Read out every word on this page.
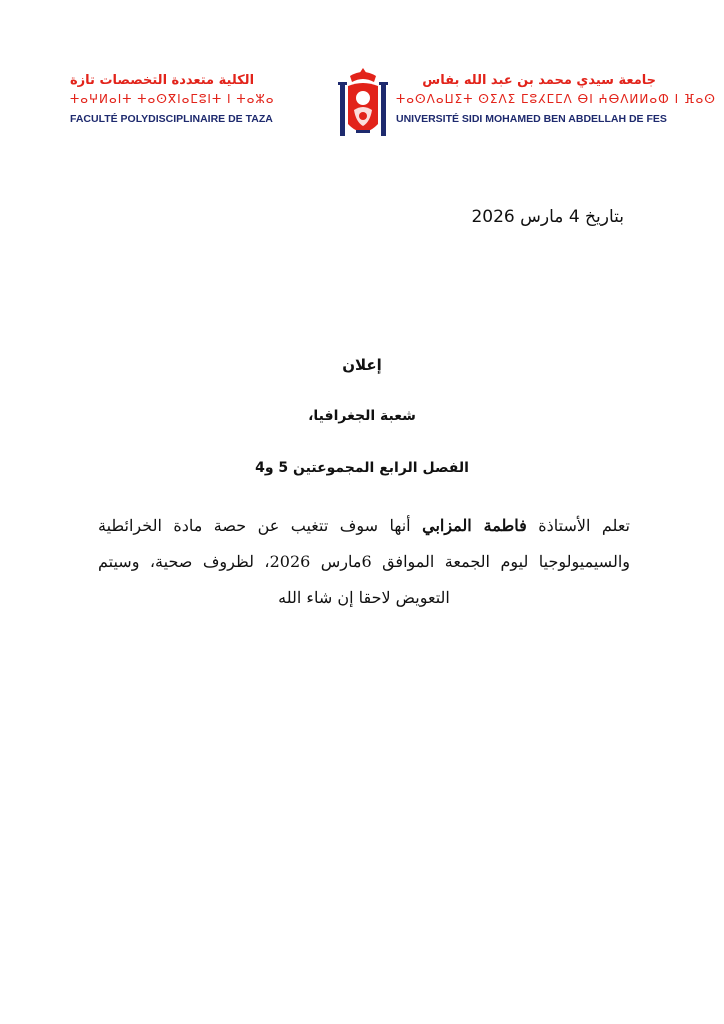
الكلية متعددة التخصصات تازة
ⵜⴰⵖⵍⴰⵏⵜ ⵜⴰⵙⴳⵏⴰⵎⵓⵏⵜ ⵏ ⵜⴰⵣⴰ
FACULTÉ POLYDISCIPLINAIRE DE TAZA
جامعة سيدي محمد بن عبد الله بفاس
ⵜⴰⵙⴷⴰⵡⵉⵜ ⵙⵉⴷⵉ ⵎⵓⵃⵎⵎⴷ ⴱⵏ ⵄⴱⴷⵍⵍⴰⵀ ⵏ ⴼⴰⵙ
UNIVERSITÉ SIDI MOHAMED BEN ABDELLAH DE FES
بتاريخ 4 مارس 2026
إعلان
شعبة الجغرافيا،
الفصل الرابع المجموعتين 5 و4
تعلم الأستاذة فاطمة المزابي أنها سوف تتغيب عن حصة مادة الخرائطية والسيميولوجيا ليوم الجمعة الموافق 6مارس 2026، لظروف صحية، وسيتم التعويض لاحقا إن شاء الله
